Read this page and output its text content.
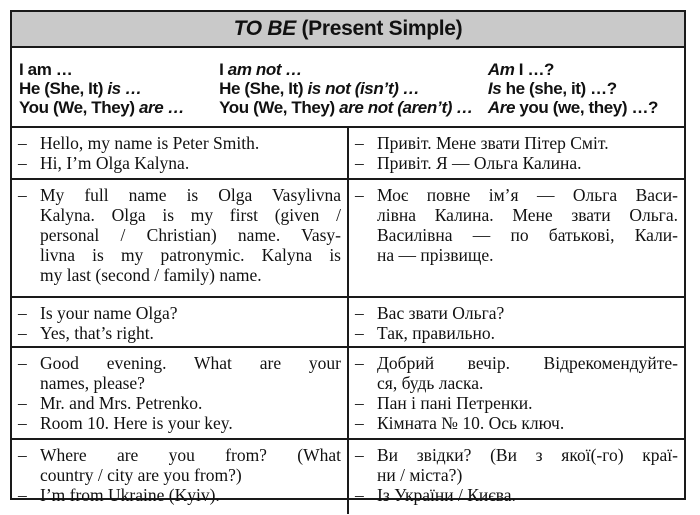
TO BE (Present Simple)
I am …
He (She, It) is …
You (We, They) are …
I am not …
He (She, It) is not (isn’t) …
You (We, They) are not (aren’t) …
Am I …?
Is he (she, it) …?
Are you (we, they) …?
– Hello, my name is Peter Smith.
– Hi, I’m Olga Kalyna.
– Привіт. Мене звати Пітер Сміт.
– Привіт. Я — Ольга Калина.
– My full name is Olga Vasylivna
Kalyna. Olga is my first (given /
personal / Christian) name. Vasy-
livna is my patronymic. Kalyna is
my last (second / family) name.
– Моє повне ім’я — Ольга Васи-
лівна Калина. Мене звати Ольга.
Василівна — по батькові, Кали-
на — прізвище.
– Is your name Olga?
– Yes, that’s right.
– Вас звати Ольга?
– Так, правильно.
– Good evening. What are your
names, please?
– Mr. and Mrs. Petrenko.
– Room 10. Here is your key.
– Добрий вечір. Відрекомендуйте-
ся, будь ласка.
– Пан і пані Петренки.
– Кімната № 10. Ось ключ.
– Where are you from? (What
country / city are you from?)
– I’m from Ukraine (Kyiv).
– Ви звідки? (Ви з якої(-го) краї-
ни / міста?)
– Із України / Києва.
